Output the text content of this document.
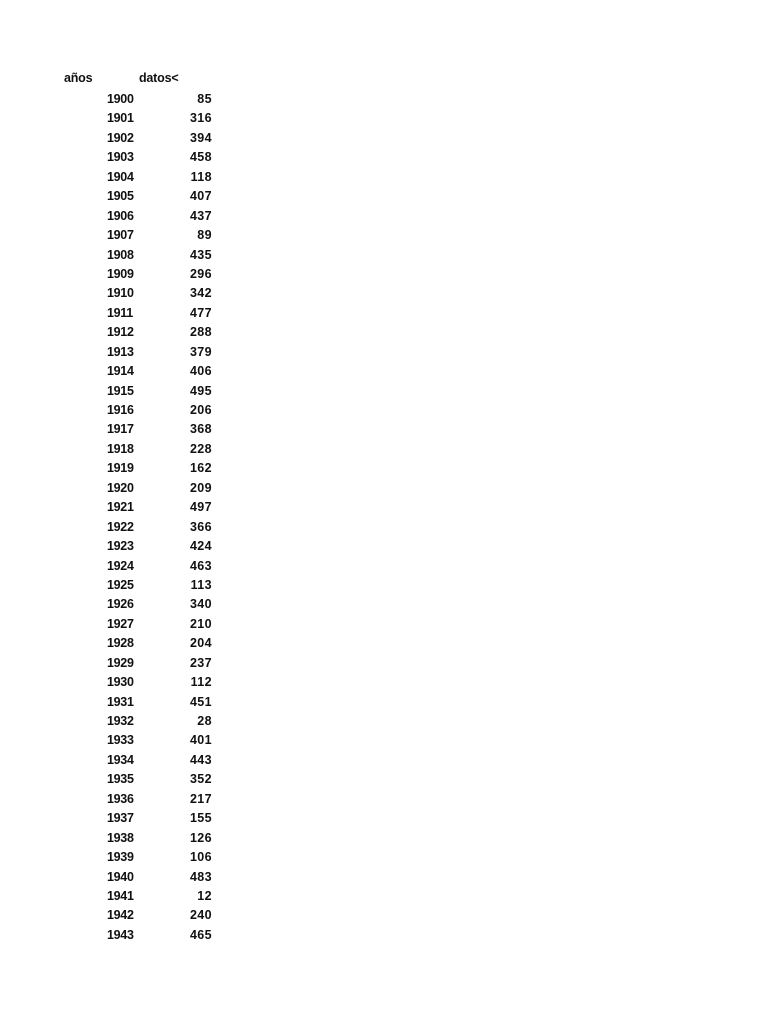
años	datos<
1900	85
1901	316
1902	394
1903	458
1904	118
1905	407
1906	437
1907	89
1908	435
1909	296
1910	342
1911	477
1912	288
1913	379
1914	406
1915	495
1916	206
1917	368
1918	228
1919	162
1920	209
1921	497
1922	366
1923	424
1924	463
1925	113
1926	340
1927	210
1928	204
1929	237
1930	112
1931	451
1932	28
1933	401
1934	443
1935	352
1936	217
1937	155
1938	126
1939	106
1940	483
1941	12
1942	240
1943	465
